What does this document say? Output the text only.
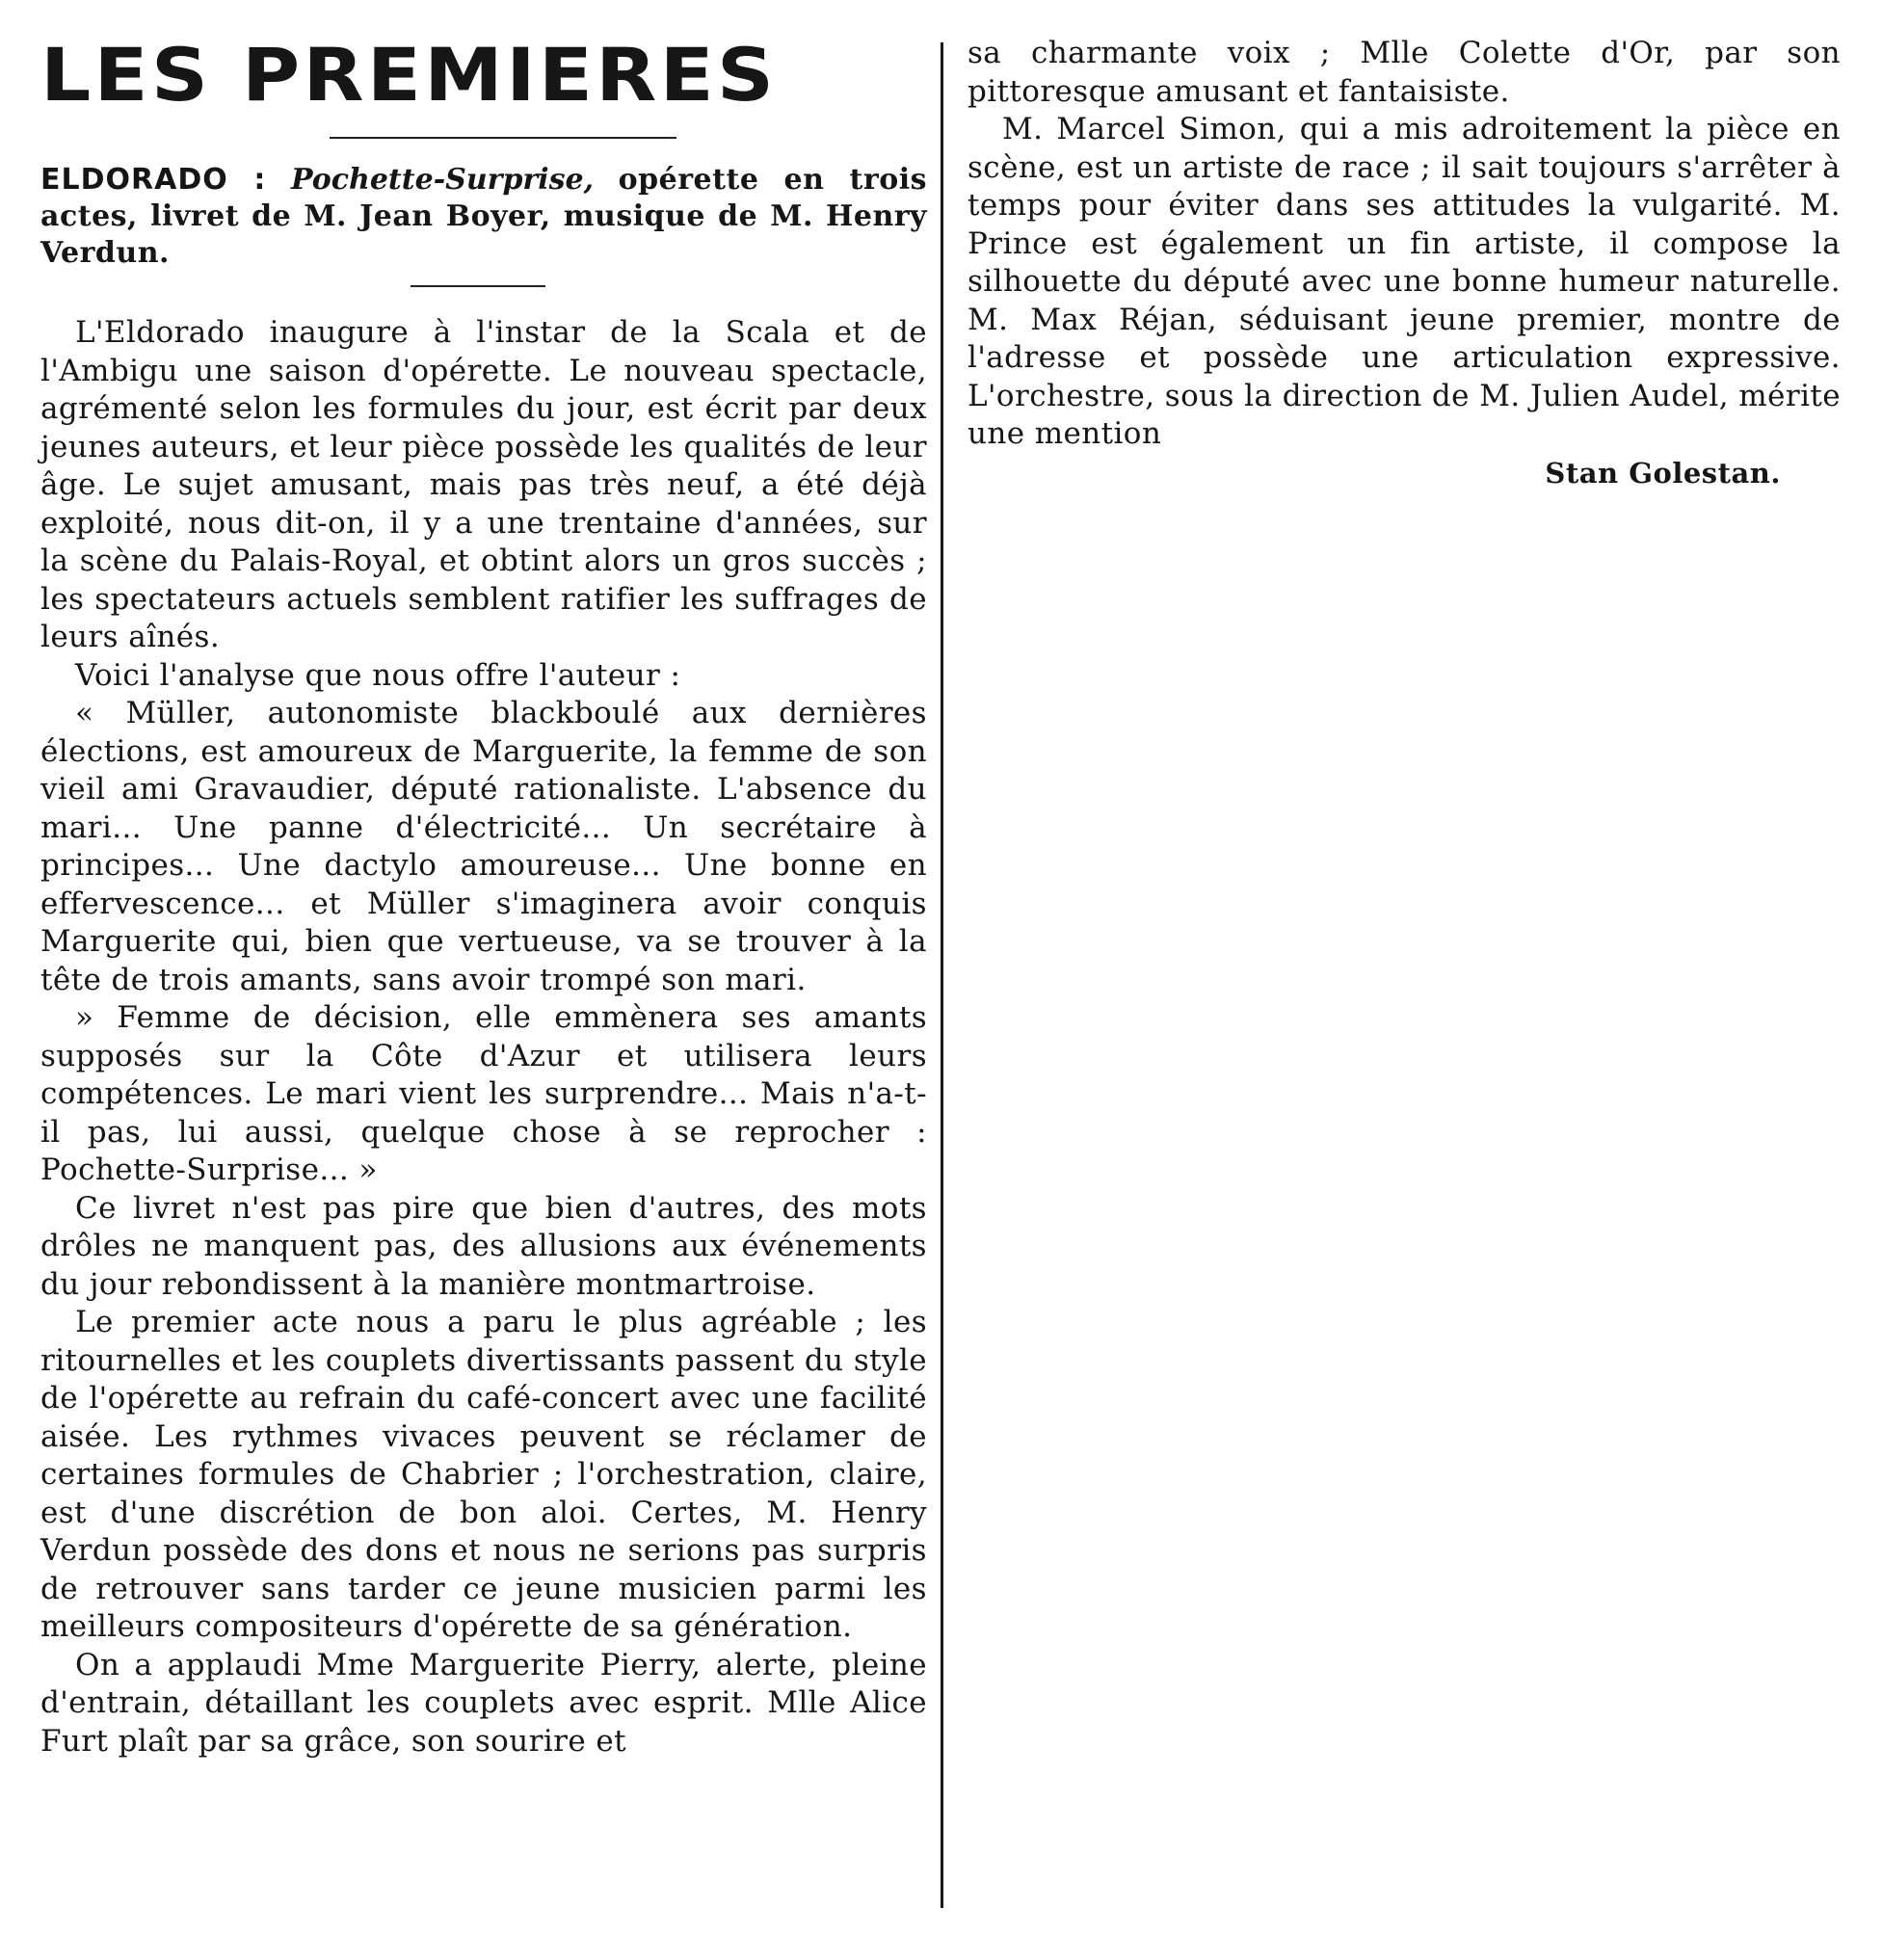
LES PREMIERES

ELDORADO : Pochette-Surprise, opérette en trois actes, livret de M. Jean Boyer, musique de M. Henry Verdun.

L'Eldorado inaugure à l'instar de la Scala et de l'Ambigu une saison d'opérette. Le nouveau spectacle, agrémenté selon les formules du jour, est écrit par deux jeunes auteurs, et leur pièce possède les qualités de leur âge. Le sujet amusant, mais pas très neuf, a été déjà exploité, nous dit-on, il y a une trentaine d'années, sur la scène du Palais-Royal, et obtint alors un gros succès ; les spectateurs actuels semblent ratifier les suffrages de leurs aînés.

Voici l'analyse que nous offre l'auteur :

« Müller, autonomiste blackboulé aux dernières élections, est amoureux de Marguerite, la femme de son vieil ami Gravaudier, député rationaliste. L'absence du mari... Une panne d'électricité... Un secrétaire à principes... Une dactylo amoureuse... Une bonne en effervescence... et Müller s'imaginera avoir conquis Marguerite qui, bien que vertueuse, va se trouver à la tête de trois amants, sans avoir trompé son mari.

» Femme de décision, elle emmènera ses amants supposés sur la Côte d'Azur et utilisera leurs compétences. Le mari vient les surprendre... Mais n'a-t-il pas, lui aussi, quelque chose à se reprocher : Pochette-Surprise... »

Ce livret n'est pas pire que bien d'autres, des mots drôles ne manquent pas, des allusions aux événements du jour rebondissent à la manière montmartroise.

Le premier acte nous a paru le plus agréable ; les ritournelles et les couplets divertissants passent du style de l'opérette au refrain du café-concert avec une facilité aisée. Les rythmes vivaces peuvent se réclamer de certaines formules de Chabrier ; l'orchestration, claire, est d'une discrétion de bon aloi. Certes, M. Henry Verdun possède des dons et nous ne serions pas surpris de retrouver sans tarder ce jeune musicien parmi les meilleurs compositeurs d'opérette de sa génération.

On a applaudi Mme Marguerite Pierry, alerte, pleine d'entrain, détaillant les couplets avec esprit. Mlle Alice Furt plaît par sa grâce, son sourire et

sa charmante voix ; Mlle Colette d'Or, par son pittoresque amusant et fantaisiste.

M. Marcel Simon, qui a mis adroitement la pièce en scène, est un artiste de race ; il sait toujours s'arrêter à temps pour éviter dans ses attitudes la vulgarité. M. Prince est également un fin artiste, il compose la silhouette du député avec une bonne humeur naturelle. M. Max Réjan, séduisant jeune premier, montre de l'adresse et possède une articulation expressive. L'orchestre, sous la direction de M. Julien Audel, mérite une mention

Stan Golestan.
